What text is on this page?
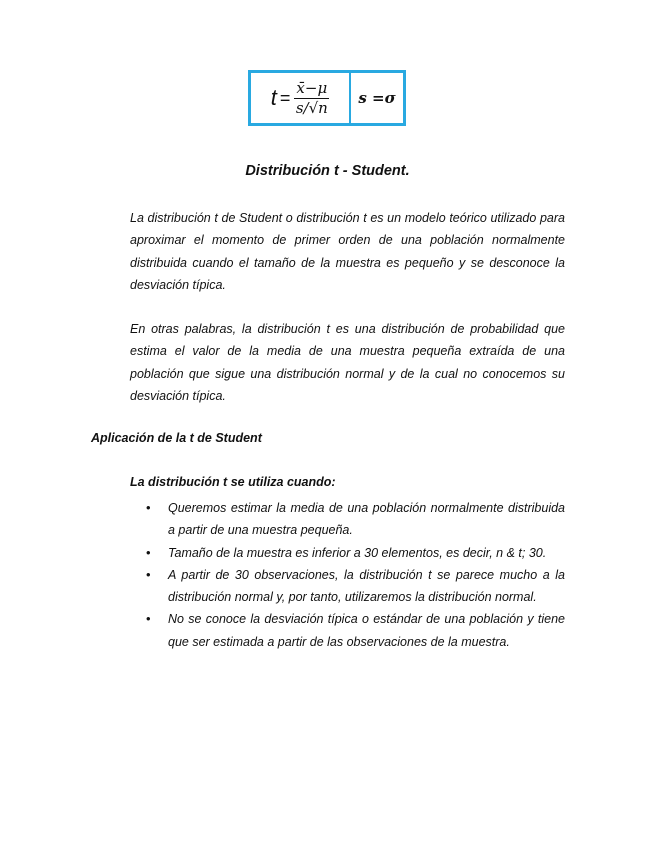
$t = \frac{x̄-\mu}{s/√n}$	s =σ
Distribución t - Student.

La distribución t de Student o distribución t es un modelo teórico utilizado para aproximar el momento de primer orden de una población normalmente distribuida cuando el tamaño de la muestra es pequeño y se desconoce la desviación típica.

En otras palabras, la distribución t es una distribución de probabilidad que estima el valor de la media de una muestra pequeña extraída de una población que sigue una distribución normal y de la cual no conocemos su desviación típica.

Aplicación de la t de Student

La distribución t se utiliza cuando:

• Queremos estimar la media de una población normalmente distribuida a partir de una muestra pequeña.
• Tamaño de la muestra es inferior a 30 elementos, es decir, n & t; 30.
• A partir de 30 observaciones, la distribución t se parece mucho a la distribución normal y, por tanto, utilizaremos la distribución normal.
• No se conoce la desviación típica o estándar de una población y tiene que ser estimada a partir de las observaciones de la muestra.
